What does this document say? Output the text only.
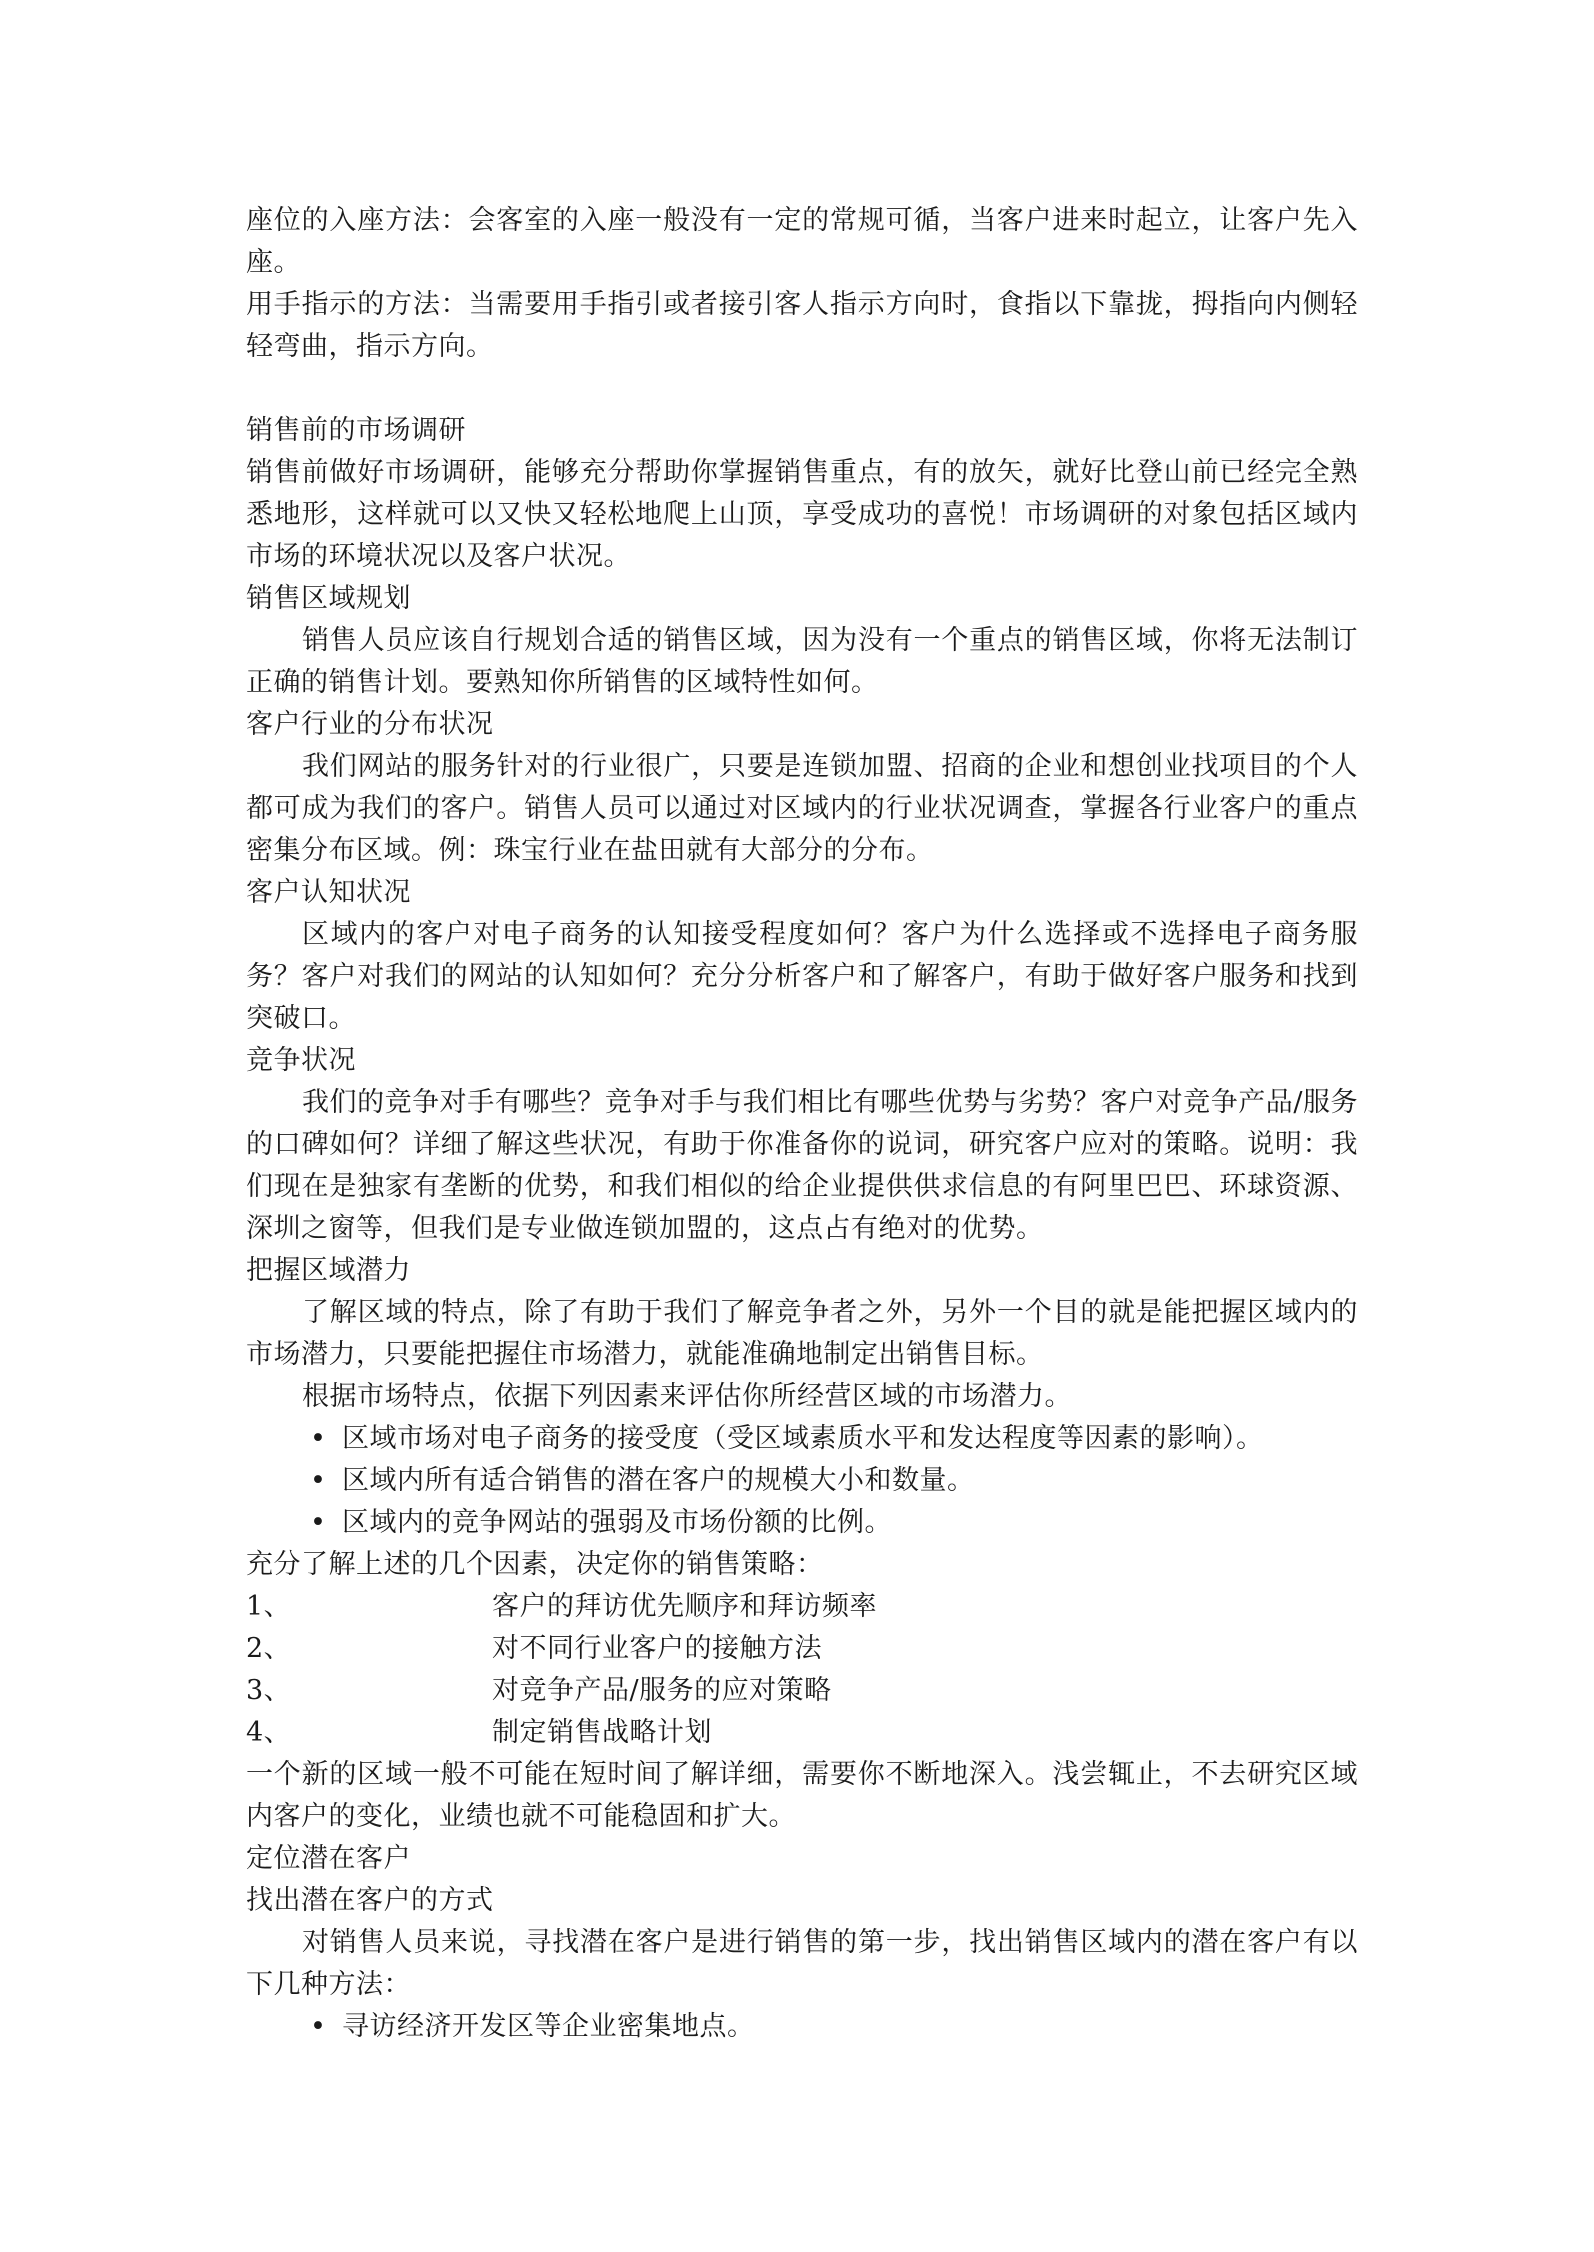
座位的入座方法：会客室的入座一般没有一定的常规可循，当客户进来时起立，让客户先入座。

用手指示的方法：当需要用手指引或者接引客人指示方向时，食指以下靠拢，拇指向内侧轻轻弯曲，指示方向。

销售前的市场调研

销售前做好市场调研，能够充分帮助你掌握销售重点，有的放矢，就好比登山前已经完全熟悉地形，这样就可以又快又轻松地爬上山顶，享受成功的喜悦！市场调研的对象包括区域内市场的环境状况以及客户状况。

销售区域规划

销售人员应该自行规划合适的销售区域，因为没有一个重点的销售区域，你将无法制订正确的销售计划。要熟知你所销售的区域特性如何。

客户行业的分布状况

我们网站的服务针对的行业很广，只要是连锁加盟、招商的企业和想创业找项目的个人都可成为我们的客户。销售人员可以通过对区域内的行业状况调查，掌握各行业客户的重点密集分布区域。例：珠宝行业在盐田就有大部分的分布。

客户认知状况

区域内的客户对电子商务的认知接受程度如何？客户为什么选择或不选择电子商务服务？客户对我们的网站的认知如何？充分分析客户和了解客户，有助于做好客户服务和找到突破口。

竞争状况

我们的竞争对手有哪些？竞争对手与我们相比有哪些优势与劣势？客户对竞争产品/服务的口碑如何？详细了解这些状况，有助于你准备你的说词，研究客户应对的策略。说明：我们现在是独家有垄断的优势，和我们相似的给企业提供供求信息的有阿里巴巴、环球资源、深圳之窗等，但我们是专业做连锁加盟的，这点占有绝对的优势。

把握区域潜力

了解区域的特点，除了有助于我们了解竞争者之外，另外一个目的就是能把握区域内的市场潜力，只要能把握住市场潜力，就能准确地制定出销售目标。

根据市场特点，依据下列因素来评估你所经营区域的市场潜力。

• 区域市场对电子商务的接受度（受区域素质水平和发达程度等因素的影响）。
• 区域内所有适合销售的潜在客户的规模大小和数量。
• 区域内的竞争网站的强弱及市场份额的比例。

充分了解上述的几个因素，决定你的销售策略：

1、	客户的拜访优先顺序和拜访频率
2、	对不同行业客户的接触方法
3、	对竞争产品/服务的应对策略
4、	制定销售战略计划

一个新的区域一般不可能在短时间了解详细，需要你不断地深入。浅尝辄止，不去研究区域内客户的变化，业绩也就不可能稳固和扩大。

定位潜在客户

找出潜在客户的方式

对销售人员来说，寻找潜在客户是进行销售的第一步，找出销售区域内的潜在客户有以下几种方法：

• 寻访经济开发区等企业密集地点。
